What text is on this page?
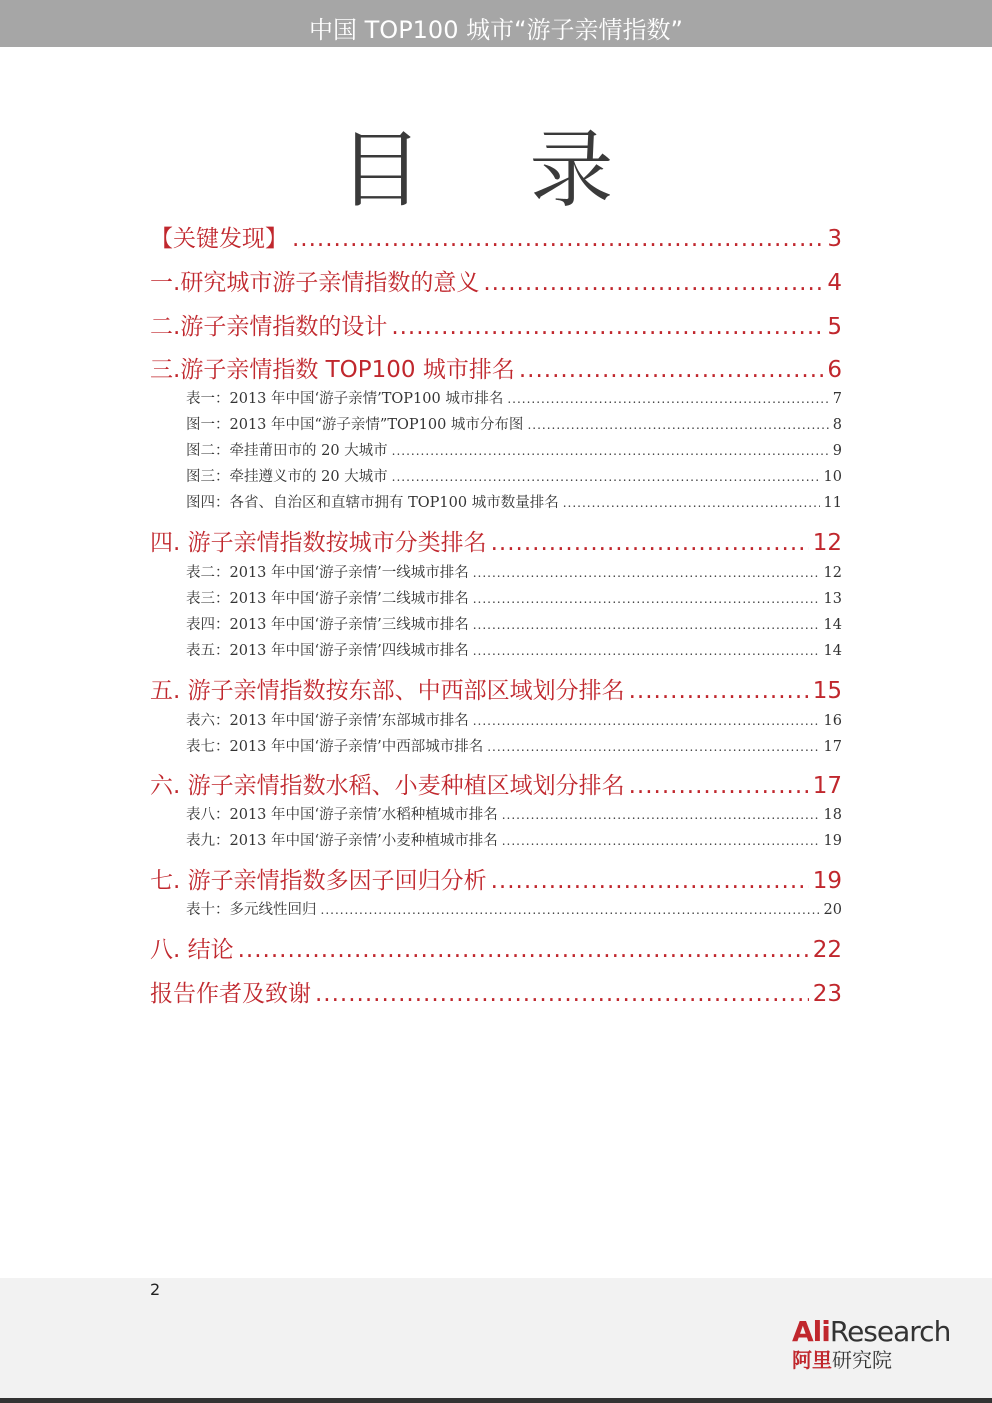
中国 TOP100 城市“游子亲情指数”
目 录
【关键发现】 .....	3
一. 研究城市游子亲情指数的意义 .....	4
二. 游子亲情指数的设计 .....	5
三. 游子亲情指数 TOP100 城市排名 .....	6
表一：2013 年中国‘游子亲情’TOP100 城市排名 .....	7
图一：2013 年中国“游子亲情”TOP100 城市分布图 .....	8
图二：牵挂莆田市的 20 大城市 .....	9
图三：牵挂遵义市的 20 大城市 .....	10
图四：各省、自治区和直辖市拥有 TOP100 城市数量排名 .....	11
四. 游子亲情指数按城市分类排名 .....	12
表二：2013 年中国‘游子亲情’一线城市排名 .....	12
表三：2013 年中国‘游子亲情’二线城市排名 .....	13
表四：2013 年中国‘游子亲情’三线城市排名 .....	14
表五：2013 年中国‘游子亲情’四线城市排名 .....	14
五. 游子亲情指数按东部、中西部区域划分排名 .....	15
表六：2013 年中国‘游子亲情’东部城市排名 .....	16
表七：2013 年中国‘游子亲情’中西部城市排名 .....	17
六. 游子亲情指数水稻、小麦种植区域划分排名 .....	17
表八：2013 年中国‘游子亲情’水稻种植城市排名 .....	18
表九：2013 年中国‘游子亲情’小麦种植城市排名 .....	19
七. 游子亲情指数多因子回归分析 .....	19
表十：多元线性回归 .....	20
八. 结论 .....	22
报告作者及致谢 .....	23
2
AliResearch
阿里研究院
